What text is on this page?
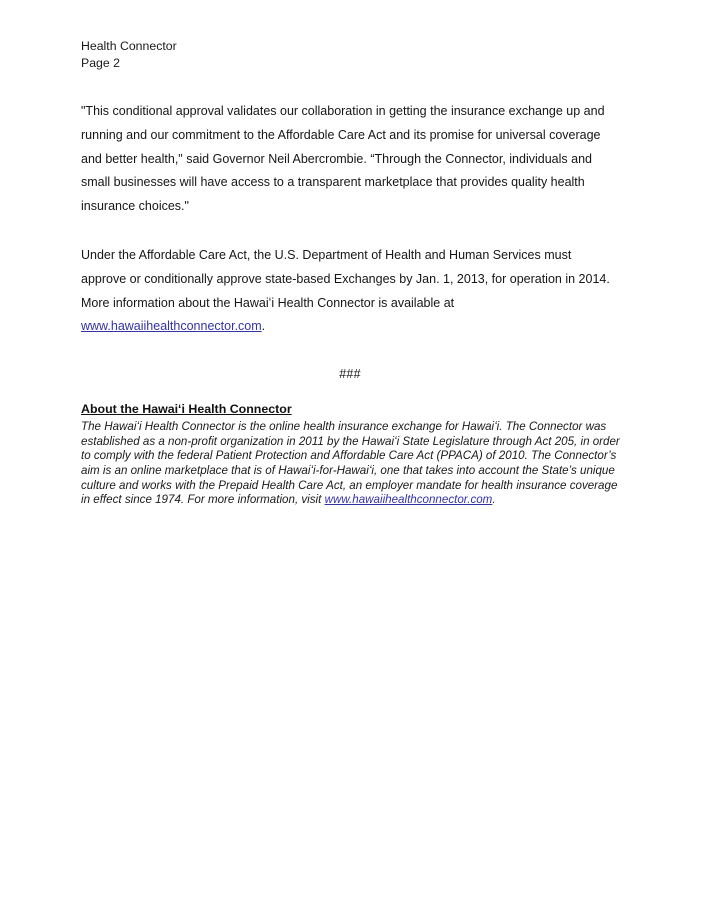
Health Connector
Page 2

"This conditional approval validates our collaboration in getting the insurance exchange up and running and our commitment to the Affordable Care Act and its promise for universal coverage and better health," said Governor Neil Abercrombie. “Through the Connector, individuals and small businesses will have access to a transparent marketplace that provides quality health insurance choices."

Under the Affordable Care Act, the U.S. Department of Health and Human Services must approve or conditionally approve state-based Exchanges by Jan. 1, 2013, for operation in 2014. More information about the Hawaiʻi Health Connector is available at www.hawaiihealthconnector.com.

###
About the Hawaiʻi Health Connector

The Hawaiʻi Health Connector is the online health insurance exchange for Hawaiʻi. The Connector was established as a non-profit organization in 2011 by the Hawaiʻi State Legislature through Act 205, in order to comply with the federal Patient Protection and Affordable Care Act (PPACA) of 2010. The Connector’s aim is an online marketplace that is of Hawaiʻi-for-Hawaiʻi, one that takes into account the State’s unique culture and works with the Prepaid Health Care Act, an employer mandate for health insurance coverage in effect since 1974. For more information, visit www.hawaiihealthconnector.com.
